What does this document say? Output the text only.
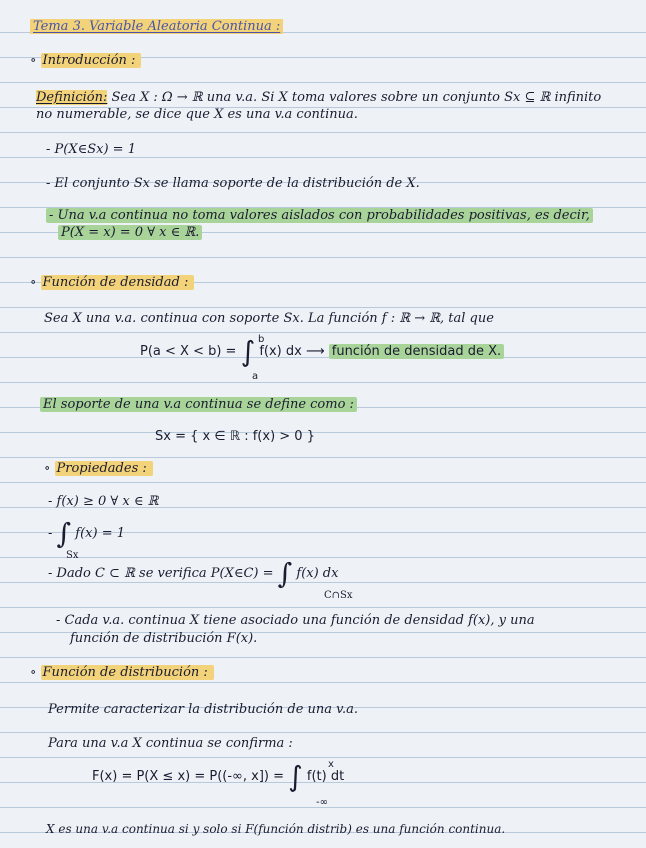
Tema 3. Variable Aleatoria Continua :
∘ Introducción :
Definición: Sea X : Ω → ℝ una v.a. Si X toma valores sobre un conjunto Sx ⊆ ℝ infinito
no numerable, se dice que X es una v.a continua.
- P(X∈Sx) = 1
- El conjunto Sx se llama soporte de la distribución de X.
- Una v.a continua no toma valores aislados con probabilidades positivas, es decir,
P(X = x) = 0 ∀ x ∈ ℝ.
∘ Función de densidad :
Sea X una v.a. continua con soporte Sx. La función f : ℝ → ℝ, tal que
P(a < X < b) = ∫ b
a
f(x) dx ⟶ función de densidad de X.
El soporte de una v.a continua se define como :
Sx = { x ∈ ℝ : f(x) > 0 }
∘ Propiedades :
- f(x) ≥ 0 ∀ x ∈ ℝ
- ∫
Sx
f(x) = 1
- Dado C ⊂ ℝ se verifica P(X∈C) = ∫
C∩Sx
f(x) dx
- Cada v.a. continua X tiene asociado una función de densidad f(x), y una
función de distribución F(x).
∘ Función de distribución :
Permite caracterizar la distribución de una v.a.
Para una v.a X continua se confirma :
F(x) = P(X ≤ x) = P((-∞, x]) = ∫	x
-∞
f(t) dt
X es una v.a continua si y solo si F(función distrib) es una función continua.
